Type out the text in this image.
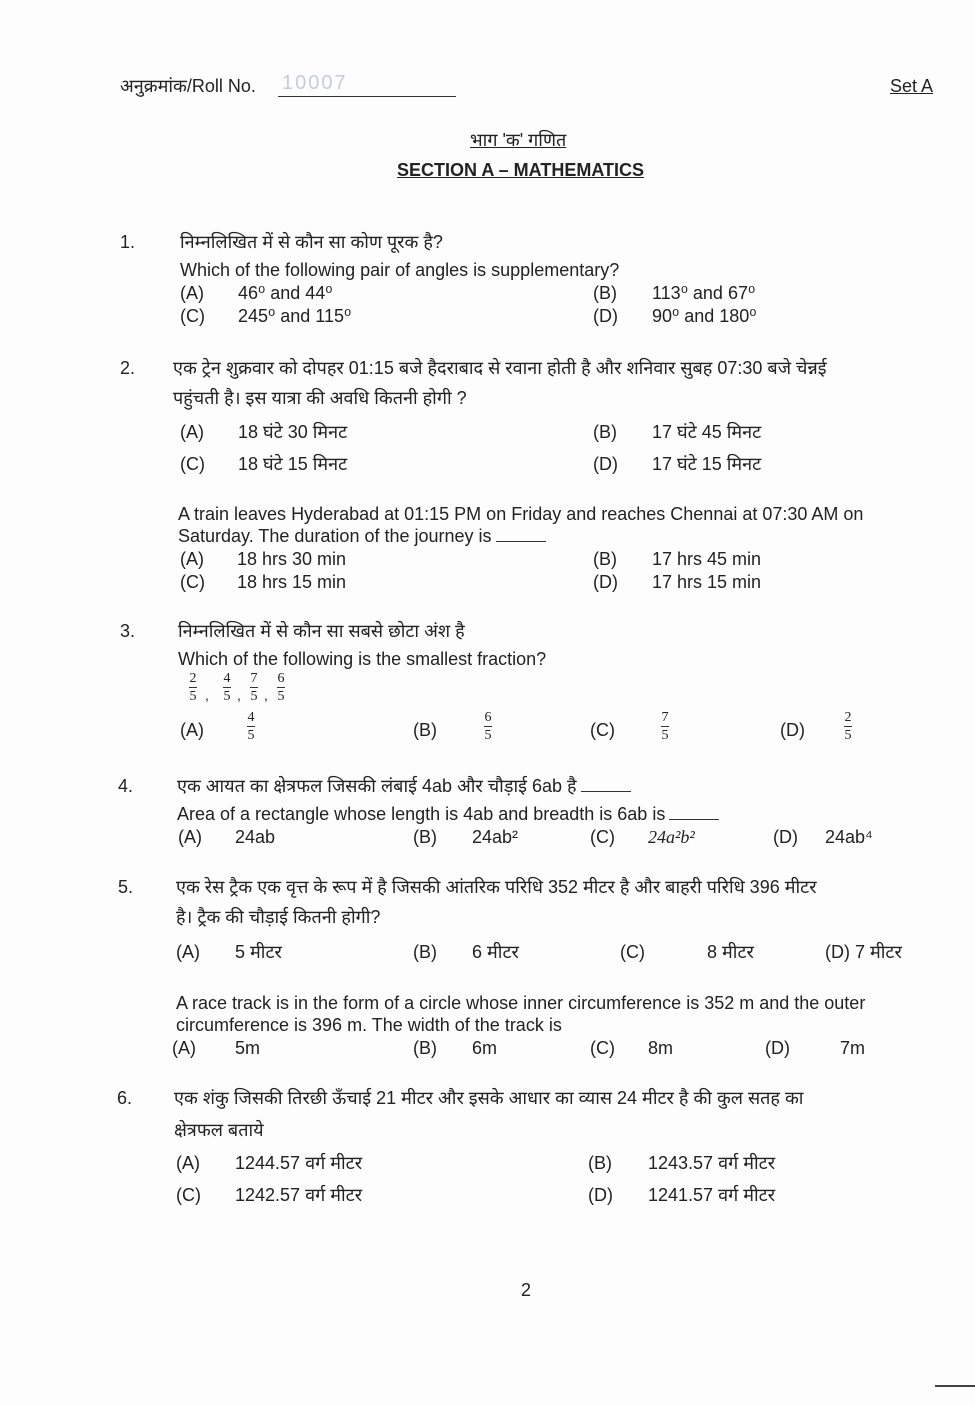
अनुक्रमांक/Roll No. 10007	Set A
भाग 'क' गणित
SECTION A – MATHEMATICS
1. निम्नलिखित में से कौन सा कोण पूरक है?
Which of the following pair of angles is supplementary?
(A) 46⁰ and 44⁰	(B) 113⁰ and 67⁰
(C) 245⁰ and 115⁰	(D) 90⁰ and 180⁰
2. एक ट्रेन शुक्रवार को दोपहर 01:15 बजे हैदराबाद से रवाना होती है और शनिवार सुबह 07:30 बजे चेन्नई
पहुंचती है। इस यात्रा की अवधि कितनी होगी ?
(A) 18 घंटे 30 मिनट	(B) 17 घंटे 45 मिनट
(C) 18 घंटे 15 मिनट	(D) 17 घंटे 15 मिनट
A train leaves Hyderabad at 01:15 PM on Friday and reaches Chennai at 07:30 AM on
Saturday. The duration of the journey is
(A) 18 hrs 30 min	(B) 17 hrs 45 min
(C) 18 hrs 15 min	(D) 17 hrs 15 min
3. निम्नलिखित में से कौन सा सबसे छोटा अंश है
Which of the following is the smallest fraction?
2
5 ,
4
5 ,
7
5 ,
6
5
(A)
4
5	(B)
6
5	(C)
7
5	(D)
2
5
4. एक आयत का क्षेत्रफल जिसकी लंबाई 4ab और चौड़ाई 6ab है
Area of a rectangle whose length is 4ab and breadth is 6ab is
(A) 24ab	(B) 24ab²	(C) 24a²b²	(D) 24ab⁴
5. एक रेस ट्रैक एक वृत्त के रूप में है जिसकी आंतरिक परिधि 352 मीटर है और बाहरी परिधि 396 मीटर
है। ट्रैक की चौड़ाई कितनी होगी?
(A) 5 मीटर	(B) 6 मीटर	(C)	8 मीटर	(D) 7 मीटर
A race track is in the form of a circle whose inner circumference is 352 m and the outer
circumference is 396 m. The width of the track is
(A) 5m	(B) 6m	(C) 8m	(D)	7m
6. एक शंकु जिसकी तिरछी ऊँचाई 21 मीटर और इसके आधार का व्यास 24 मीटर है की कुल सतह का
क्षेत्रफल बताये
(A) 1244.57 वर्ग मीटर	(B) 1243.57 वर्ग मीटर
(C) 1242.57 वर्ग मीटर	(D) 1241.57 वर्ग मीटर
2
